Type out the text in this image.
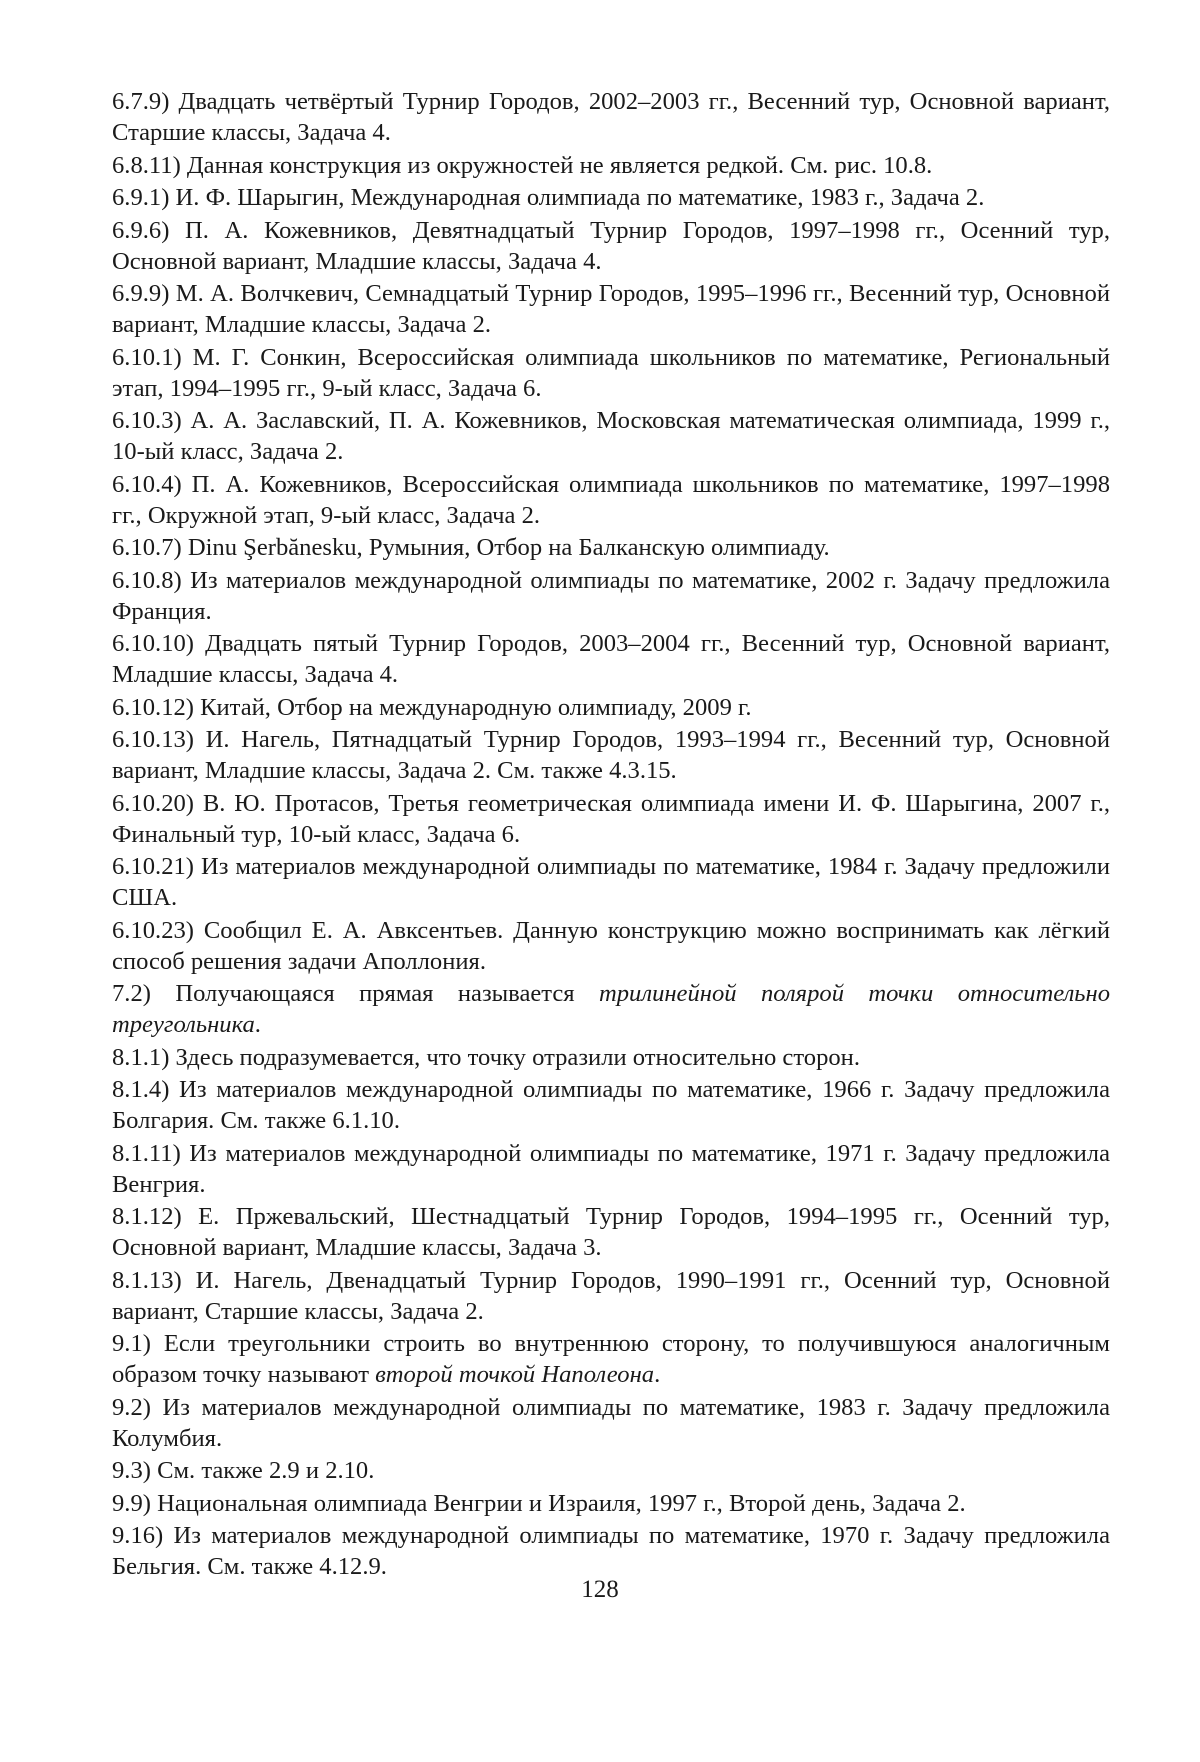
6.7.9) Двадцать четвёртый Турнир Городов, 2002–2003 гг., Весенний тур, Основной вариант, Старшие классы, Задача 4.

6.8.11) Данная конструкция из окружностей не является редкой. См. рис. 10.8.

6.9.1) И. Ф. Шарыгин, Международная олимпиада по математике, 1983 г., Задача 2.

6.9.6) П. А. Кожевников, Девятнадцатый Турнир Городов, 1997–1998 гг., Осенний тур, Основной вариант, Младшие классы, Задача 4.

6.9.9) М. А. Волчкевич, Семнадцатый Турнир Городов, 1995–1996 гг., Весенний тур, Основной вариант, Младшие классы, Задача 2.

6.10.1) М. Г. Сонкин, Всероссийская олимпиада школьников по математике, Региональный этап, 1994–1995 гг., 9-ый класс, Задача 6.

6.10.3) А. А. Заславский, П. А. Кожевников, Московская математическая олимпиада, 1999 г., 10-ый класс, Задача 2.

6.10.4) П. А. Кожевников, Всероссийская олимпиада школьников по математике, 1997–1998 гг., Окружной этап, 9-ый класс, Задача 2.

6.10.7) Dinu Şerbănesku, Румыния, Отбор на Балканскую олимпиаду.

6.10.8) Из материалов международной олимпиады по математике, 2002 г. Задачу предложила Франция.

6.10.10) Двадцать пятый Турнир Городов, 2003–2004 гг., Весенний тур, Основной вариант, Младшие классы, Задача 4.

6.10.12) Китай, Отбор на международную олимпиаду, 2009 г.

6.10.13) И. Нагель, Пятнадцатый Турнир Городов, 1993–1994 гг., Весенний тур, Основной вариант, Младшие классы, Задача 2. См. также 4.3.15.

6.10.20) В. Ю. Протасов, Третья геометрическая олимпиада имени И. Ф. Шарыгина, 2007 г., Финальный тур, 10-ый класс, Задача 6.

6.10.21) Из материалов международной олимпиады по математике, 1984 г. Задачу предложили США.

6.10.23) Сообщил Е. А. Авксентьев. Данную конструкцию можно воспринимать как лёгкий способ решения задачи Аполлония.

7.2) Получающаяся прямая называется трилинейной полярой точки относительно треугольника.

8.1.1) Здесь подразумевается, что точку отразили относительно сторон.

8.1.4) Из материалов международной олимпиады по математике, 1966 г. Задачу предложила Болгария. См. также 6.1.10.

8.1.11) Из материалов международной олимпиады по математике, 1971 г. Задачу предложила Венгрия.

8.1.12) Е. Пржевальский, Шестнадцатый Турнир Городов, 1994–1995 гг., Осенний тур, Основной вариант, Младшие классы, Задача 3.

8.1.13) И. Нагель, Двенадцатый Турнир Городов, 1990–1991 гг., Осенний тур, Основной вариант, Старшие классы, Задача 2.

9.1) Если треугольники строить во внутреннюю сторону, то получившуюся аналогичным образом точку называют второй точкой Наполеона.

9.2) Из материалов международной олимпиады по математике, 1983 г. Задачу предложила Колумбия.

9.3) См. также 2.9 и 2.10.

9.9) Национальная олимпиада Венгрии и Израиля, 1997 г., Второй день, Задача 2.

9.16) Из материалов международной олимпиады по математике, 1970 г. Задачу предложила Бельгия. См. также 4.12.9.

128
